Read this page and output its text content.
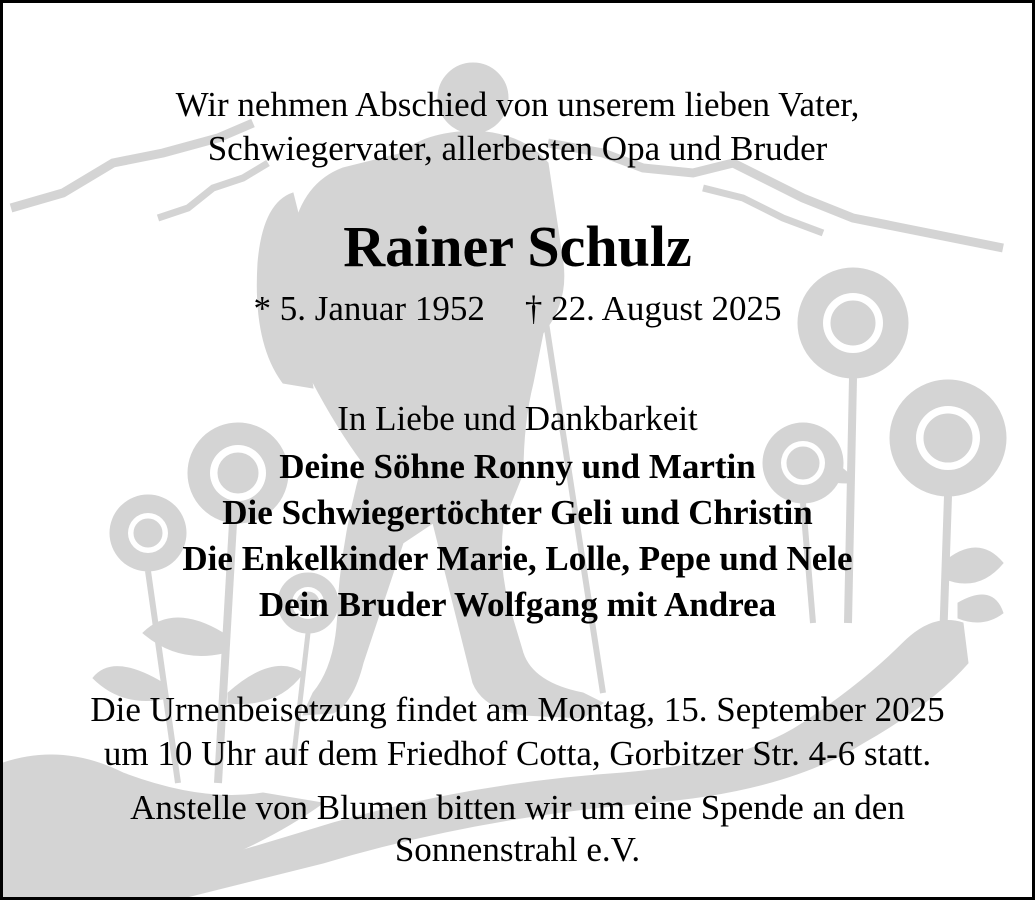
Wir nehmen Abschied von unserem lieben Vater,
Schwiegervater, allerbesten Opa und Bruder
Rainer Schulz
* 5. Januar 1952 † 22. August 2025
In Liebe und Dankbarkeit
Deine Söhne Ronny und Martin
Die Schwiegertöchter Geli und Christin
Die Enkelkinder Marie, Lolle, Pepe und Nele
Dein Bruder Wolfgang mit Andrea
Die Urnenbeisetzung findet am Montag, 15. September 2025
um 10 Uhr auf dem Friedhof Cotta, Gorbitzer Str. 4-6 statt.
Anstelle von Blumen bitten wir um eine Spende an den
Sonnenstrahl e.V.
